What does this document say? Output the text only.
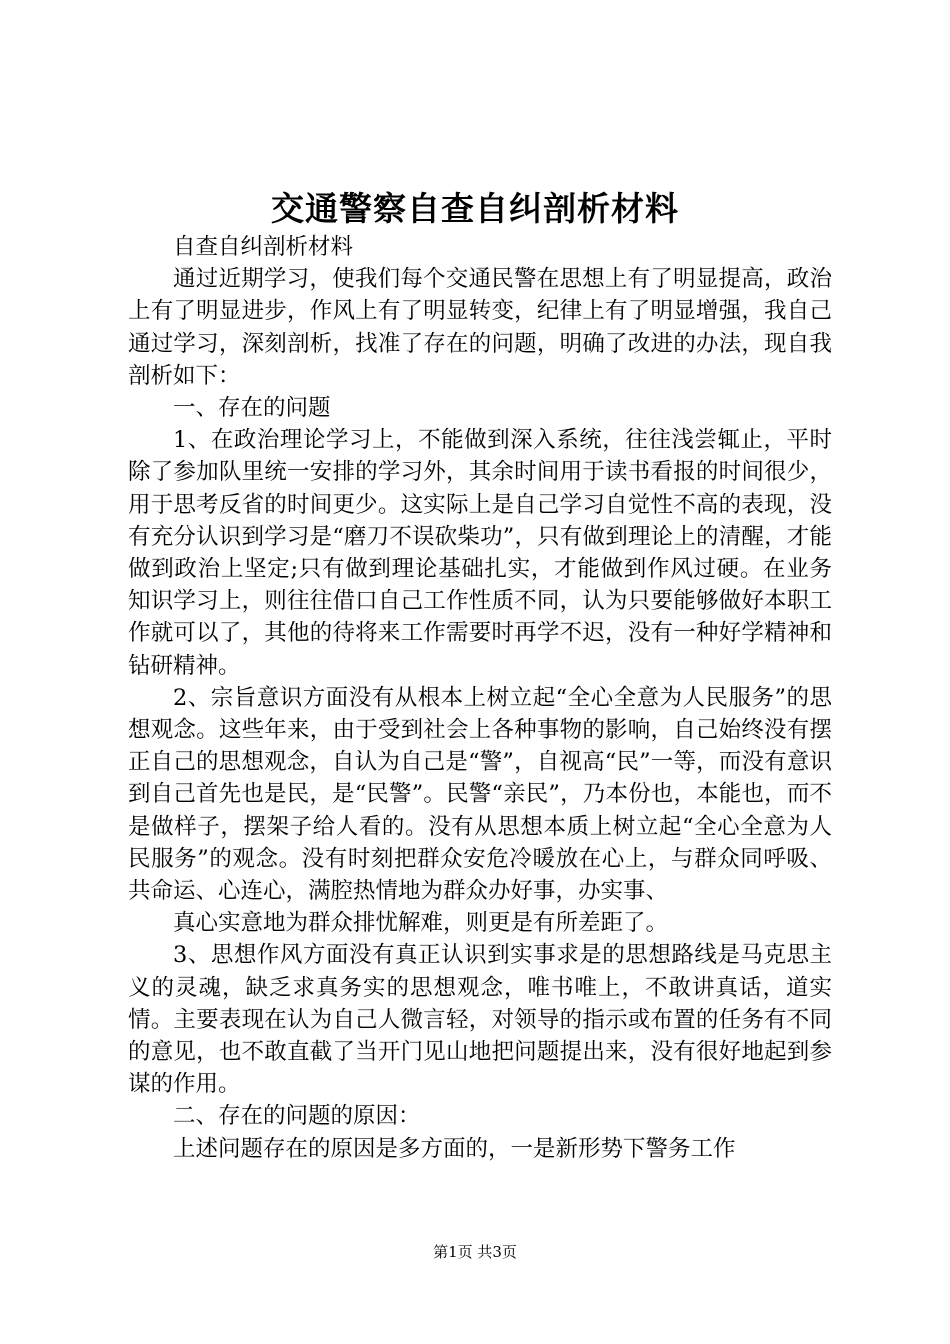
交通警察自查自纠剖析材料

自查自纠剖析材料

通过近期学习，使我们每个交通民警在思想上有了明显提高，政治上有了明显进步，作风上有了明显转变，纪律上有了明显增强，我自己通过学习，深刻剖析，找准了存在的问题，明确了改进的办法，现自我剖析如下：

一、存在的问题

1、在政治理论学习上，不能做到深入系统，往往浅尝辄止，平时除了参加队里统一安排的学习外，其余时间用于读书看报的时间很少，用于思考反省的时间更少。这实际上是自己学习自觉性不高的表现，没有充分认识到学习是“磨刀不误砍柴功”，只有做到理论上的清醒，才能做到政治上坚定;只有做到理论基础扎实，才能做到作风过硬。在业务知识学习上，则往往借口自己工作性质不同，认为只要能够做好本职工作就可以了，其他的待将来工作需要时再学不迟，没有一种好学精神和钻研精神。

2、宗旨意识方面没有从根本上树立起“全心全意为人民服务”的思想观念。这些年来，由于受到社会上各种事物的影响，自己始终没有摆正自己的思想观念，自认为自己是“警”，自视高“民”一等，而没有意识到自己首先也是民，是“民警”。民警“亲民”，乃本份也，本能也，而不是做样子，摆架子给人看的。没有从思想本质上树立起“全心全意为人民服务”的观念。没有时刻把群众安危冷暖放在心上，与群众同呼吸、共命运、心连心，满腔热情地为群众办好事，办实事、

真心实意地为群众排忧解难，则更是有所差距了。

3、思想作风方面没有真正认识到实事求是的思想路线是马克思主义的灵魂，缺乏求真务实的思想观念，唯书唯上，不敢讲真话，道实情。主要表现在认为自己人微言轻，对领导的指示或布置的任务有不同的意见，也不敢直截了当开门见山地把问题提出来，没有很好地起到参谋的作用。

二、存在的问题的原因：

上述问题存在的原因是多方面的，一是新形势下警务工作

第1页 共3页
